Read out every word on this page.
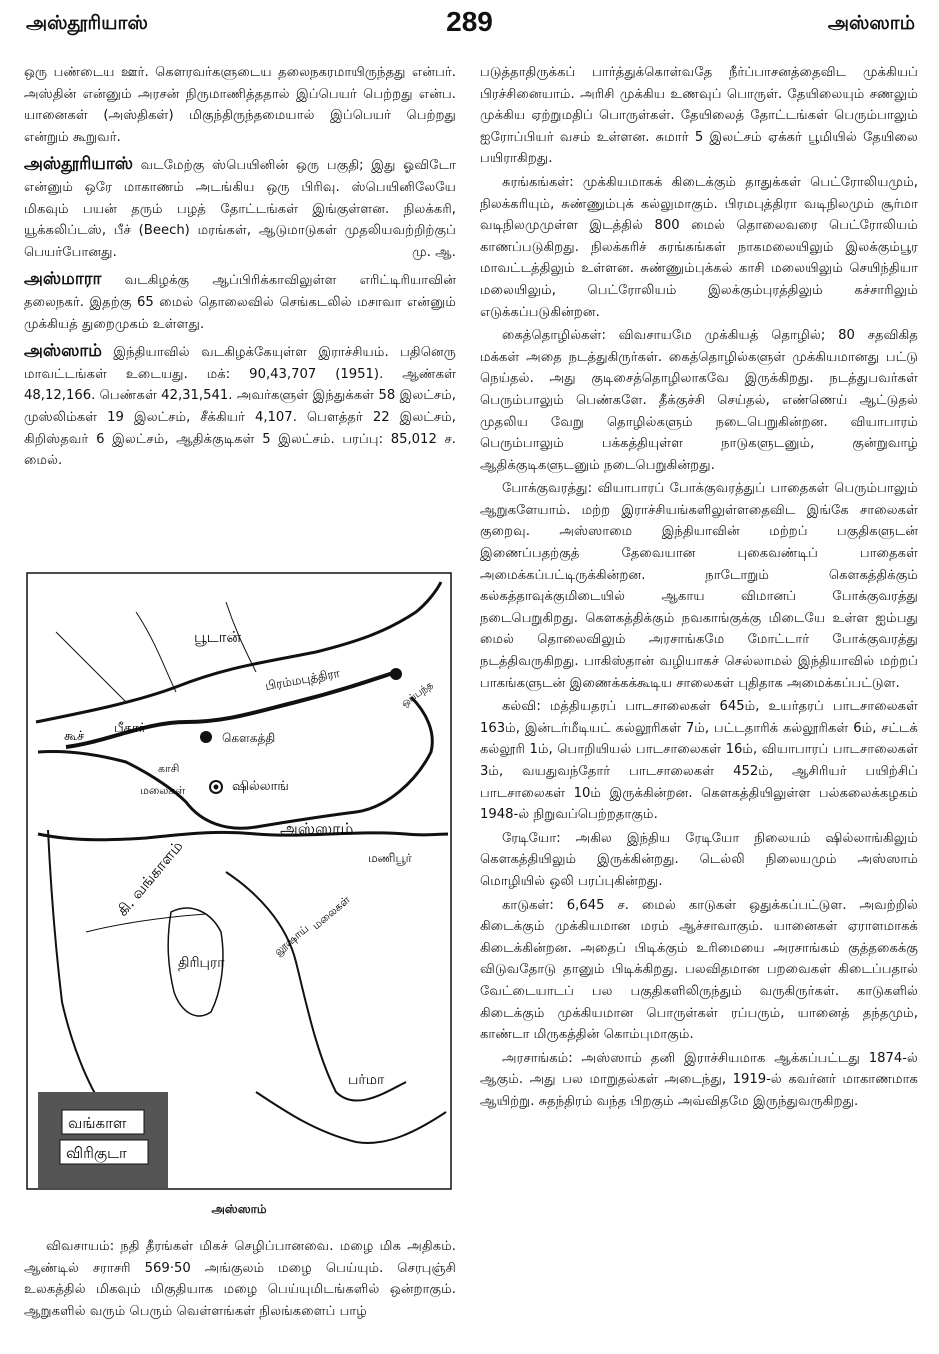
அஸ்தூரியாஸ்	289	அஸ்ஸாம்

ஒரு பண்டைய ஊர். கௌரவர்களுடைய தலைநகரமாயிருந்தது என்பர். அஸ்தின் என்னும் அரசன் நிருமாணித்ததால் இப்பெயர் பெற்றது என்ப. யானைகள் (அஸ்திகள்) மிகுந்திருந்தமையால் இப்பெயர் பெற்றது என்றும் கூறுவர்.

அஸ்தூரியாஸ் வடமேற்கு ஸ்பெயினின் ஒரு பகுதி; இது ஓவிடோ என்னும் ஒரே மாகாணம் அடங்கிய ஒரு பிரிவு. ஸ்பெயினிலேயே மிகவும் பயன் தரும் பழத் தோட்டங்கள் இங்குள்ளன. நிலக்கரி, யூக்கலிப்டஸ், பீச் (Beech) மரங்கள், ஆடுமாடுகள் முதலியவற்றிற்குப் பெயர்போனது.	மு. ஆ.

அஸ்மாரா வடகிழக்கு ஆப்பிரிக்காவிலுள்ள எரிட்டிரியாவின் தலைநகர். இதற்கு 65 மைல் தொலைவில் செங்கடலில் மசாவா என்னும் முக்கியத் துறைமுகம் உள்ளது.

அஸ்ஸாம் இந்தியாவில் வடகிழக்கேயுள்ள இராச்சியம். பதினெரு மாவட்டங்கள் உடையது. மக்: 90,43,707 (1951). ஆண்கள் 48,12,166. பெண்கள் 42,31,541. அவர்களுள் இந்துக்கள் 58 இலட்சம், முஸ்லிம்கள் 19 இலட்சம், சீக்கியர் 4,107. பௌத்தர் 22 இலட்சம், கிறிஸ்தவர் 6 இலட்சம், ஆதிக்குடிகள் 5 இலட்சம். பரப்பு: 85,012 ச. மைல்.

பூடான்
பிரம்மபுத்திரா
கூச்
பீகார்
கௌகத்தி
ஒப்பந்த
காசி
மலைகள்	ஷில்லாங்
அஸ்ஸாம்
மணிபூர்
கி. வங்காளம்
திரிபுரா
லூஷாய்
மலைகள்
பர்மா
வங்காள
விரிகுடா
அஸ்ஸாம்

விவசாயம்: நதி தீரங்கள் மிகச் செழிப்பானவை. மழை மிக அதிகம். ஆண்டில் சராசரி 569·50 அங்குலம் மழை பெய்யும். செரபுஞ்சி உலகத்தில் மிகவும் மிகுதியாக மழை பெய்யுமிடங்களில் ஒன்றாகும். ஆறுகளில் வரும் பெரும் வெள்ளங்கள் நிலங்களைப் பாழ்

படுத்தாதிருக்கப் பார்த்துக்கொள்வதே நீர்ப்பாசனத்தைவிட முக்கியப் பிரச்சினையாம். அரிசி முக்கிய உணவுப் பொருள். தேயிலையும் சணலும் முக்கிய ஏற்றுமதிப் பொருள்கள். தேயிலைத் தோட்டங்கள் பெரும்பாலும் ஐரோப்பியர் வசம் உள்ளன. சுமார் 5 இலட்சம் ஏக்கர் பூமியில் தேயிலை பயிராகிறது.

சுரங்கங்கள்: முக்கியமாகக் கிடைக்கும் தாதுக்கள் பெட்ரோலியமும், நிலக்கரியும், சுண்ணும்புக் கல்லுமாகும். பிரமபுத்திரா வடிநிலமும் சூர்மா வடிநிலமுமுள்ள இடத்தில் 800 மைல் தொலைவரை பெட்ரோலியம் காணப்படுகிறது. நிலக்கரிச் சுரங்கங்கள் நாகமலையிலும் இலக்கும்பூர மாவட்டத்திலும் உள்ளன. சுண்ணும்புக்கல் காசி மலையிலும் செயிந்தியா மலையிலும், பெட்ரோலியம் இலக்கும்புரத்திலும் கச்சாரிலும் எடுக்கப்படுகின்றன.

கைத்தொழில்கள்: விவசாயமே முக்கியத் தொழில்; 80 சதவிகித மக்கள் அதை நடத்துகிருர்கள். கைத்தொழில்களுள் முக்கியமானது பட்டு நெய்தல். அது குடிசைத்தொழிலாகவே இருக்கிறது. நடத்துபவர்கள் பெரும்பாலும் பெண்களே. தீக்குச்சி செய்தல், எண்ணெய் ஆட்டுதல் முதலிய வேறு தொழில்களும் நடைபெறுகின்றன. வியாபாரம் பெரும்பாலும் பக்கத்தியுள்ள நாடுகளுடனும், குன்றுவாழ் ஆதிக்குடிகளுடனும் நடைபெறுகின்றது.

போக்குவரத்து: வியாபாரப் போக்குவரத்துப் பாதைகள் பெரும்பாலும் ஆறுகளேயாம். மற்ற இராச்சியங்களிலுள்ளதைவிட இங்கே சாலைகள் குறைவு. அஸ்ஸாமை இந்தியாவின் மற்றப் பகுதிகளுடன் இணைப்பதற்குத் தேவையான புகைவண்டிப் பாதைகள் அமைக்கப்பட்டிருக்கின்றன. நாடோறும் கௌகத்திக்கும் கல்கத்தாவுக்குமிடையில் ஆகாய விமானப் போக்குவரத்து நடைபெறுகிறது. கௌகத்திக்கும் நவகாங்குக்கு மிடையே உள்ள ஐம்பது மைல் தொலைவிலும் அரசாங்கமே மோட்டார் போக்குவரத்து நடத்திவருகிறது. பாகிஸ்தான் வழியாகச் செல்லாமல் இந்தியாவில் மற்றப் பாகங்களுடன் இணைக்கக்கூடிய சாலைகள் புதிதாக அமைக்கப்பட்டுள.

கல்வி: மத்தியதரப் பாடசாலைகள் 645ம், உயர்தரப் பாடசாலைகள் 163ம், இன்டர்மீடியட் கல்லூரிகள் 7ம், பட்டதாரிக் கல்லூரிகள் 6ம், சட்டக் கல்லூரி 1ம், பொறியியல் பாடசாலைகள் 16ம், வியாபாரப் பாடசாலைகள் 3ம், வயதுவந்தோர் பாடசாலைகள் 452ம், ஆசிரியர் பயிற்சிப் பாடசாலைகள் 10ம் இருக்கின்றன. கௌகத்தியிலுள்ள பல்கலைக்கழகம் 1948-ல் நிறுவப்பெற்றதாகும்.

ரேடியோ: அகில இந்திய ரேடியோ நிலையம் ஷில்லாங்கிலும் கௌகத்தியிலும் இருக்கின்றது. டெல்லி நிலையமும் அஸ்ஸாம் மொழியில் ஒலி பரப்புகின்றது.

காடுகள்: 6,645 ச. மைல் காடுகள் ஒதுக்கப்பட்டுள. அவற்றில் கிடைக்கும் முக்கியமான மரம் ஆச்சாவாகும். யானைகள் ஏராளமாகக் கிடைக்கின்றன. அதைப் பிடிக்கும் உரிமையை அரசாங்கம் குத்தகைக்கு விடுவதோடு தானும் பிடிக்கிறது. பலவிதமான பறவைகள் கிடைப்பதால் வேட்டையாடப் பல பகுதிகளிலிருந்தும் வருகிருர்கள். காடுகளில் கிடைக்கும் முக்கியமான பொருள்கள் ரப்பரும், யானைத் தந்தமும், காண்டா மிருகத்தின் கொம்புமாகும்.

அரசாங்கம்: அஸ்ஸாம் தனி இராச்சியமாக ஆக்கப்பட்டது 1874-ல் ஆகும். அது பல மாறுதல்கள் அடைந்து, 1919-ல் கவர்னர் மாகாணமாக ஆயிற்று. சுதந்திரம் வந்த பிறகும் அவ்விதமே இருந்துவருகிறது.
